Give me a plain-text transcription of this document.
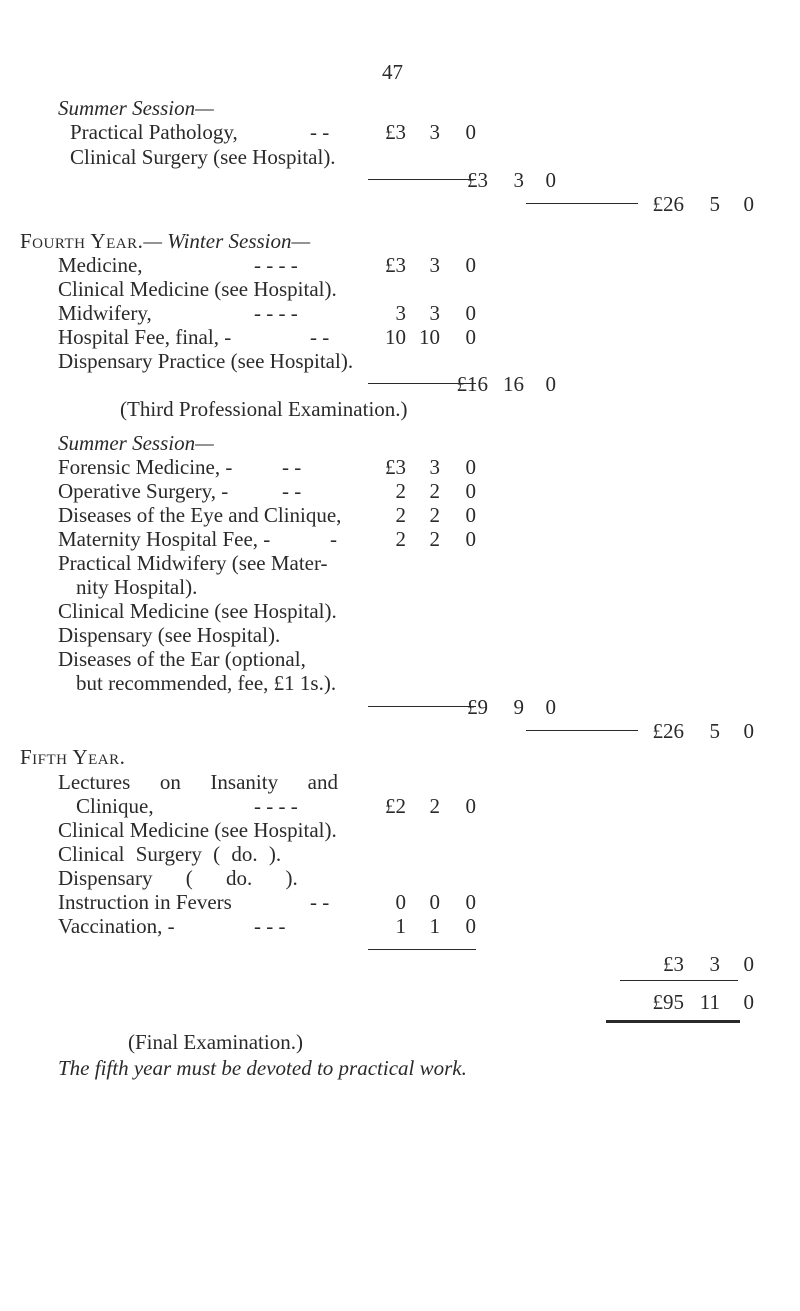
47
Summer Session—
Practical Pathology,	- -	£3	3	0
Clinical Surgery (see Hospital).
£3	3	0
£26	5	0
Fourth Year.— Winter Session—
Medicine,	- - - -	£3	3	0
Clinical Medicine (see Hospital).
Midwifery,	- - - -	3	3	0
Hospital Fee, final, -	- -	10 10	0
Dispensary Practice (see Hospital).
£16 16	0
(Third Professional Examination.)
Summer Session—
Forensic Medicine, - - -	£3	3	0
Operative Surgery, -	- -	2	2	0
Diseases of the Eye and Clinique,	2	2	0
Maternity Hospital Fee, -	-	2	2	0
Practical Midwifery (see Mater-
nity Hospital).
Clinical Medicine (see Hospital).
Dispensary (see Hospital).
Diseases of the Ear (optional,
but recommended, fee, £1 1s.).
£9	9	0
£26	5	0
Fifth Year.
Lectures on Insanity and
Clinique,	- - - -	£2	2	0
Clinical Medicine (see Hospital).
Clinical Surgery ( do. ).
Dispensary ( do. ).
Instruction in Fevers	- -	0	0	0
Vaccination, -	- - -	1	1	0
£3	3	0
£95 11	0
(Final Examination.)
The fifth year must be devoted to practical work.
